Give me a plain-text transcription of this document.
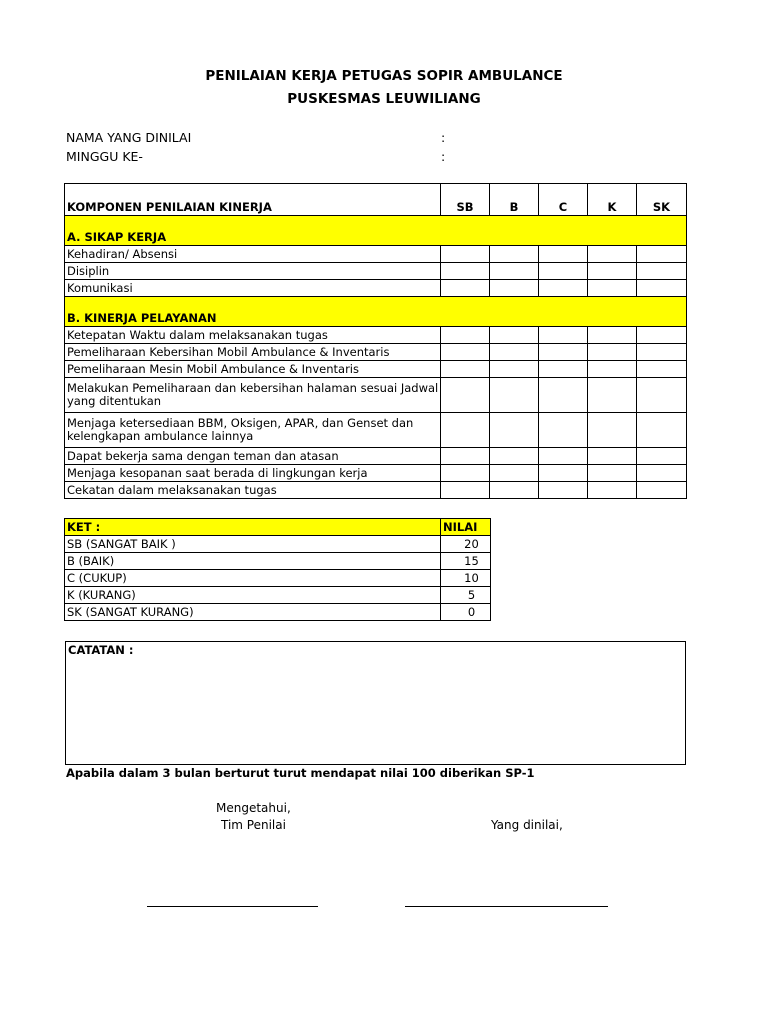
PENILAIAN KERJA PETUGAS SOPIR AMBULANCE
PUSKESMAS LEUWILIANG
NAMA YANG DINILAI	:
MINGGU KE-	:
KOMPONEN PENILAIAN KINERJA	SB	B	C	K	SK
A. SIKAP KERJA					
Kehadiran/ Absensi					
Disiplin					
Komunikasi					
B. KINERJA PELAYANAN					
Ketepatan Waktu dalam melaksanakan tugas					
Pemeliharaan Kebersihan Mobil Ambulance & Inventaris					
Pemeliharaan Mesin Mobil Ambulance & Inventaris					
Melakukan Pemeliharaan dan kebersihan halaman sesuai Jadwal yang ditentukan					
Menjaga ketersediaan BBM, Oksigen, APAR, dan Genset dan kelengkapan ambulance lainnya					
Dapat bekerja sama dengan teman dan atasan					
Menjaga kesopanan saat berada di lingkungan kerja					
Cekatan dalam melaksanakan tugas					
KET :	NILAI
SB (SANGAT BAIK )	20
B (BAIK)	15
C (CUKUP)	10
K (KURANG)	5
SK (SANGAT KURANG)	0
CATATAN :
Apabila dalam 3 bulan berturut turut mendapat nilai 100 diberikan SP-1
Mengetahui,
Tim Penilai	Yang dinilai,
